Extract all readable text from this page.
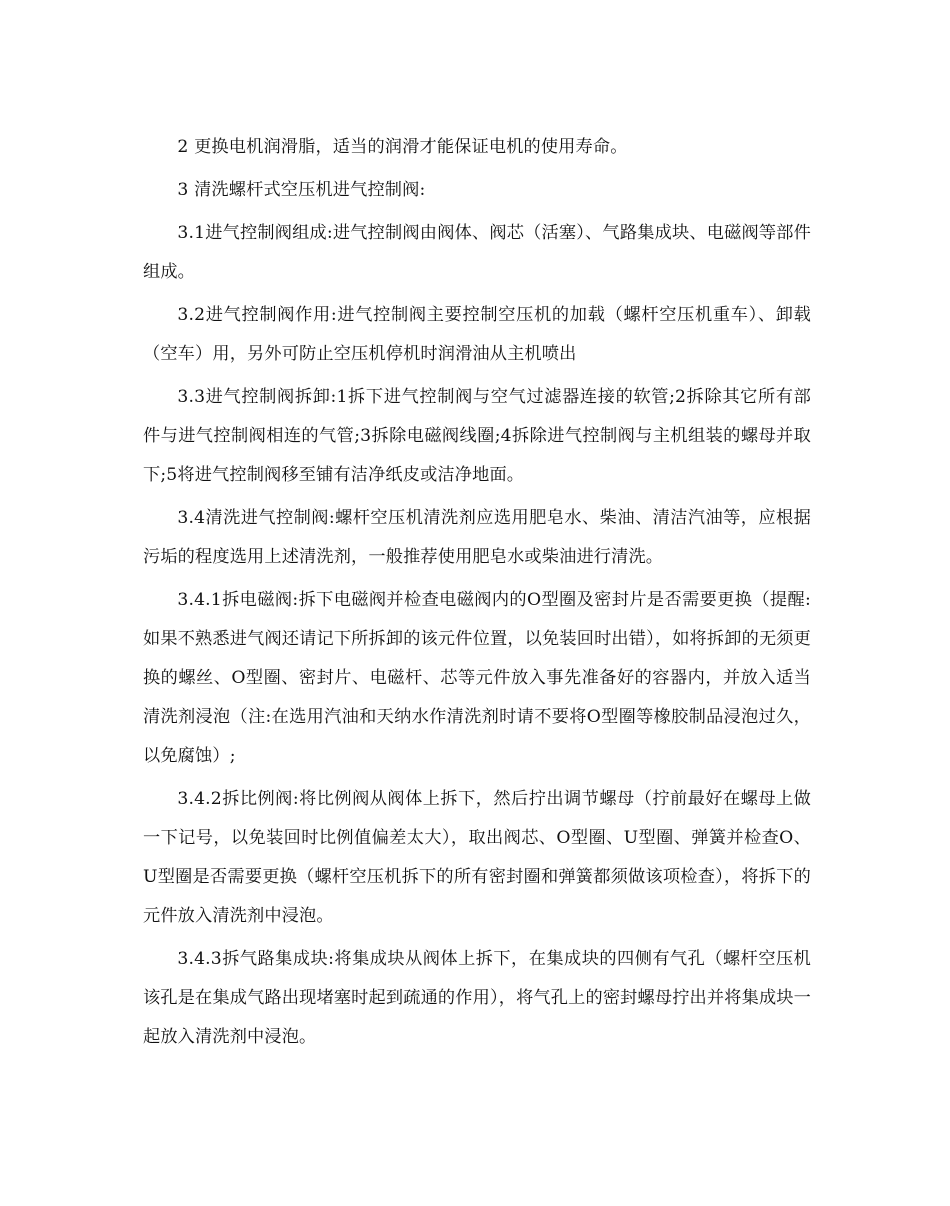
2 更换电机润滑脂，适当的润滑才能保证电机的使用寿命。

3 清洗螺杆式空压机进气控制阀:

3.1进气控制阀组成:进气控制阀由阀体、阀芯（活塞）、气路集成块、电磁阀等部件组成。

3.2进气控制阀作用:进气控制阀主要控制空压机的加载（螺杆空压机重车）、卸载（空车）用，另外可防止空压机停机时润滑油从主机喷出

3.3进气控制阀拆卸:1拆下进气控制阀与空气过滤器连接的软管;2拆除其它所有部件与进气控制阀相连的气管;3拆除电磁阀线圈;4拆除进气控制阀与主机组装的螺母并取下;5将进气控制阀移至铺有洁净纸皮或洁净地面。

3.4清洗进气控制阀:螺杆空压机清洗剂应选用肥皂水、柴油、清洁汽油等，应根据污垢的程度选用上述清洗剂，一般推荐使用肥皂水或柴油进行清洗。

3.4.1拆电磁阀:拆下电磁阀并检查电磁阀内的O型圈及密封片是否需要更换（提醒:如果不熟悉进气阀还请记下所拆卸的该元件位置，以免装回时出错），如将拆卸的无须更换的螺丝、O型圈、密封片、电磁杆、芯等元件放入事先准备好的容器内，并放入适当清洗剂浸泡（注:在选用汽油和天纳水作清洗剂时请不要将O型圈等橡胶制品浸泡过久，以免腐蚀）;

3.4.2拆比例阀:将比例阀从阀体上拆下，然后拧出调节螺母（拧前最好在螺母上做一下记号，以免装回时比例值偏差太大），取出阀芯、O型圈、U型圈、弹簧并检查O、U型圈是否需要更换（螺杆空压机拆下的所有密封圈和弹簧都须做该项检查），将拆下的元件放入清洗剂中浸泡。

3.4.3拆气路集成块:将集成块从阀体上拆下，在集成块的四侧有气孔（螺杆空压机该孔是在集成气路出现堵塞时起到疏通的作用），将气孔上的密封螺母拧出并将集成块一起放入清洗剂中浸泡。
